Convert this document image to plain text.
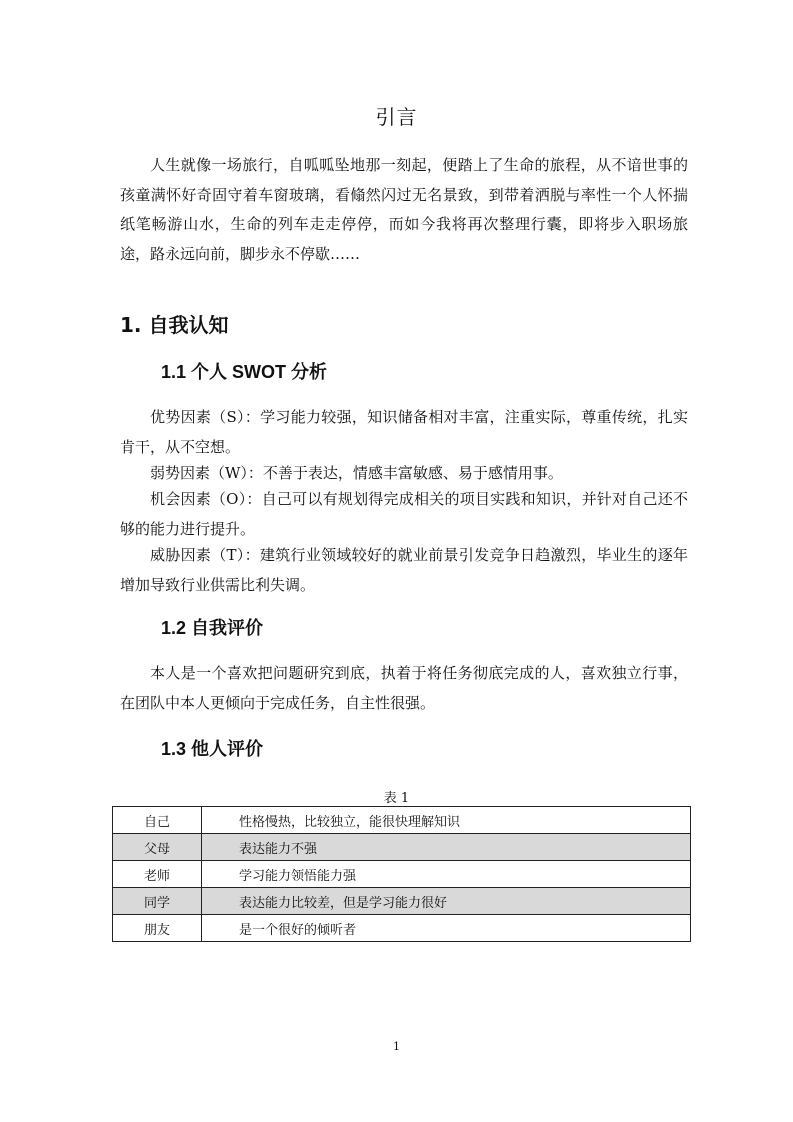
引言

人生就像一场旅行，自呱呱坠地那一刻起，便踏上了生命的旅程，从不谙世事的孩童满怀好奇固守着车窗玻璃，看翛然闪过无名景致，到带着洒脱与率性一个人怀揣纸笔畅游山水，生命的列车走走停停，而如今我将再次整理行囊，即将步入职场旅途，路永远向前，脚步永不停歇……

1. 自我认知
1.1 个人 SWOT 分析

优势因素（S）：学习能力较强，知识储备相对丰富，注重实际，尊重传统，扎实肯干，从不空想。

弱势因素（W）：不善于表达，情感丰富敏感、易于感情用事。

机会因素（O）：自己可以有规划得完成相关的项目实践和知识，并针对自己还不够的能力进行提升。

威胁因素（T）：建筑行业领域较好的就业前景引发竞争日趋激烈，毕业生的逐年增加导致行业供需比利失调。

1.2 自我评价

本人是一个喜欢把问题研究到底，执着于将任务彻底完成的人，喜欢独立行事，在团队中本人更倾向于完成任务，自主性很强。

1.3 他人评价
表 1
自己	性格慢热，比较独立，能很快理解知识
父母	表达能力不强
老师	学习能力领悟能力强
同学	表达能力比较差，但是学习能力很好
朋友	是一个很好的倾听者
1
